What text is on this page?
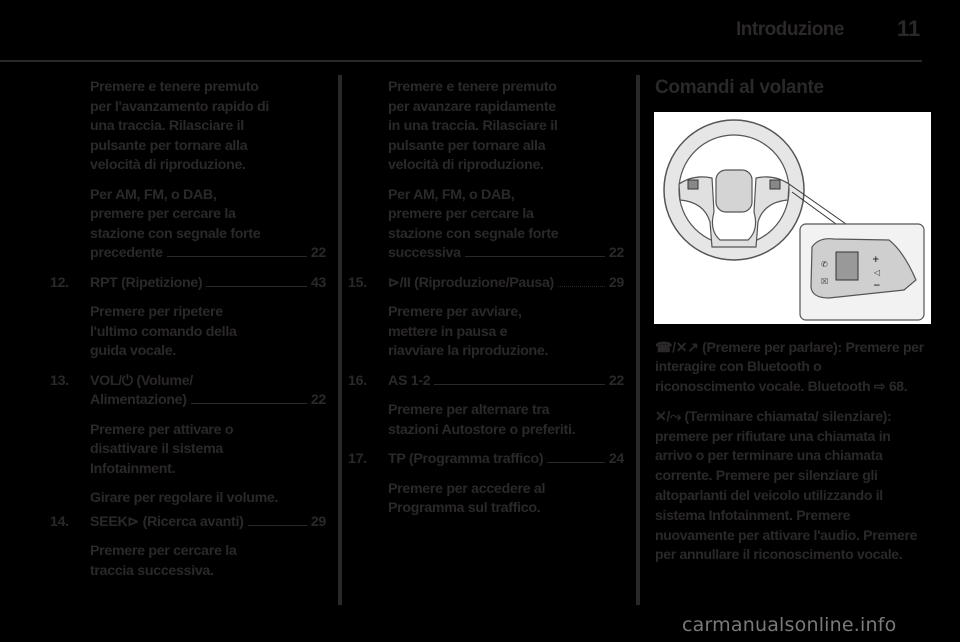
Introduzione 11
Premere e tenere premuto
per l'avanzamento rapido di
una traccia. Rilasciare il
pulsante per tornare alla
velocità di riproduzione.
Per AM, FM, o DAB,
premere per cercare la
stazione con segnale forte
precedente	22
12.	RPT (Ripetizione)	43
Premere per ripetere
l'ultimo comando della
guida vocale.
13.	VOL/⏻ (Volume/
Alimentazione)	22
Premere per attivare o
disattivare il sistema
Infotainment.
Girare per regolare il volume.
14.	SEEK⊳ (Ricerca avanti)	29
Premere per cercare la
traccia successiva.
Premere e tenere premuto
per avanzare rapidamente
in una traccia. Rilasciare il
pulsante per tornare alla
velocità di riproduzione.
Per AM, FM, o DAB,
premere per cercare la
stazione con segnale forte
successiva	22
15.	⊳/II (Riproduzione/Pausa)	29
Premere per avviare,
mettere in pausa e
riavviare la riproduzione.
16.	AS 1-2	22
Premere per alternare tra
stazioni Autostore o preferiti.
17.	TP (Programma traffico)	24
Premere per accedere al
Programma sul traffico.
Comandi al volante
✆
☒
+
◁
−
☎/✕↗ (Premere per parlare): Premere per interagire con Bluetooth o riconoscimento vocale. Bluetooth ⇨ 68.
✕/⤳ (Terminare chiamata/ silenziare): premere per rifiutare una chiamata in arrivo o per terminare una chiamata corrente. Premere per silenziare gli altoparlanti del veicolo utilizzando il sistema Infotainment. Premere nuovamente per attivare l'audio. Premere per annullare il riconoscimento vocale.
carmanualsonline.info
